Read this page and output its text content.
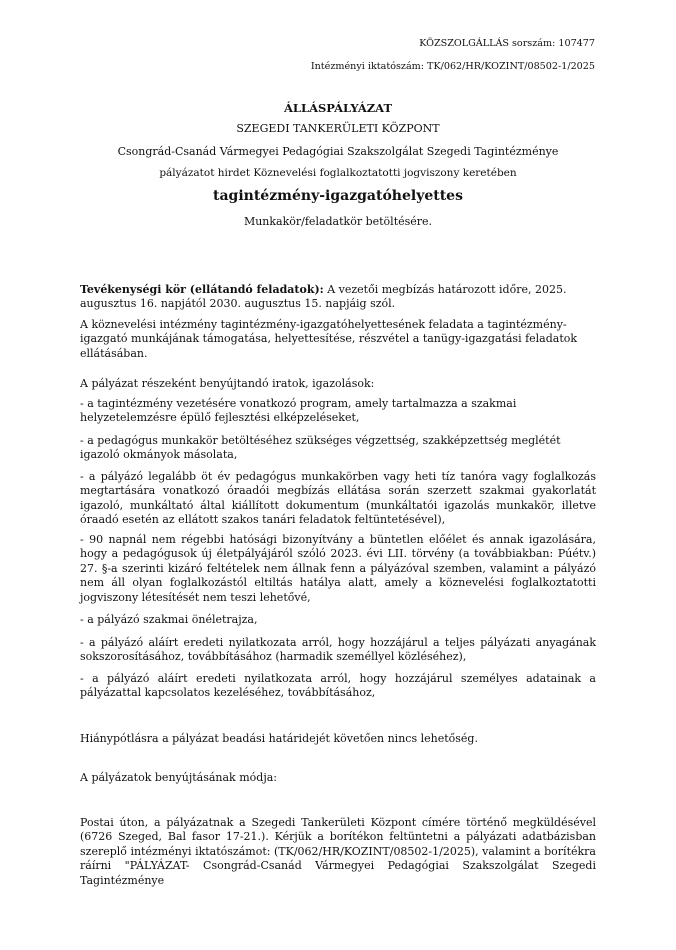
KÖZSZOLGÁLLÁS sorszám: 107477
Intézményi iktatószám: TK/062/HR/KOZINT/08502-1/2025
ÁLLÁSPÁLYÁZAT
SZEGEDI TANKERÜLETI KÖZPONT
Csongrád-Csanád Vármegyei Pedagógiai Szakszolgálat Szegedi Tagintézménye
pályázatot hirdet Köznevelési foglalkoztatotti jogviszony keretében
tagintézmény-igazgatóhelyettes
Munkakör/feladatkör betöltésére.
Tevékenységi kör (ellátandó feladatok): A vezetői megbízás határozott időre, 2025. augusztus 16. napjától 2030. augusztus 15. napjáig szól.
A köznevelési intézmény tagintézmény-igazgatóhelyettesének feladata a tagintézmény-igazgató munkájának támogatása, helyettesítése, részvétel a tanügy-igazgatási feladatok ellátásában.
A pályázat részeként benyújtandó iratok, igazolások:
- a tagintézmény vezetésére vonatkozó program, amely tartalmazza a szakmai helyzetelemzésre épülő fejlesztési elképzeléseket,
- a pedagógus munkakör betöltéséhez szükséges végzettség, szakképzettség meglétét igazoló okmányok másolata,
- a pályázó legalább öt év pedagógus munkakörben vagy heti tíz tanóra vagy foglalkozás megtartására vonatkozó óraadói megbízás ellátása során szerzett szakmai gyakorlatát igazoló, munkáltató által kiállított dokumentum (munkáltatói igazolás munkakör, illetve óraadó esetén az ellátott szakos tanári feladatok feltüntetésével),
- 90 napnál nem régebbi hatósági bizonyítvány a büntetlen előélet és annak igazolására, hogy a pedagógusok új életpályájáról szóló 2023. évi LII. törvény (a továbbiakban: Púétv.) 27. §-a szerinti kizáró feltételek nem állnak fenn a pályázóval szemben, valamint a pályázó nem áll olyan foglalkozástól eltiltás hatálya alatt, amely a köznevelési foglalkoztatotti jogviszony létesítését nem teszi lehetővé,
- a pályázó szakmai önéletrajza,
- a pályázó aláírt eredeti nyilatkozata arról, hogy hozzájárul a teljes pályázati anyagának sokszorosításához, továbbításához (harmadik személlyel közléséhez),
- a pályázó aláírt eredeti nyilatkozata arról, hogy hozzájárul személyes adatainak a pályázattal kapcsolatos kezeléséhez, továbbításához,
Hiánypótlásra a pályázat beadási határidejét követően nincs lehetőség.
A pályázatok benyújtásának módja:
Postai úton, a pályázatnak a Szegedi Tankerületi Központ címére történő megküldésével (6726 Szeged, Bal fasor 17-21.). Kérjük a borítékon feltüntetni a pályázati adatbázisban szereplő intézményi iktatószámot: (TK/062/HR/KOZINT/08502-1/2025), valamint a borítékra ráírni "PÁLYÁZAT- Csongrád-Csanád Vármegyei Pedagógiai Szakszolgálat Szegedi Tagintézménye
